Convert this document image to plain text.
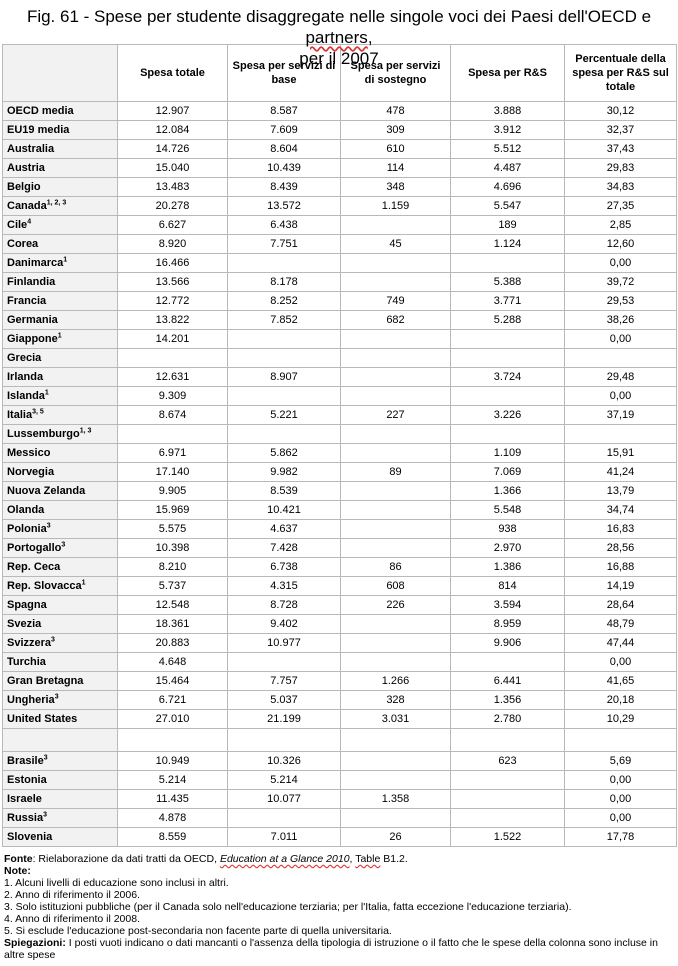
Fig. 61 - Spese per studente disaggregate nelle singole voci dei Paesi dell'OECD e partners,
per il 2007
	Spesa totale	Spesa per servizi di base	Spesa per servizi di sostegno	Spesa per R&S	Percentuale della spesa per R&S sul totale
OECD media	12.907	8.587	478	3.888	30,12
EU19 media	12.084	7.609	309	3.912	32,37
Australia	14.726	8.604	610	5.512	37,43
Austria	15.040	10.439	114	4.487	29,83
Belgio	13.483	8.439	348	4.696	34,83
Canada$^{1, 2, 3}$	20.278	13.572	1.159	5.547	27,35
Cile$^4$	6.627	6.438		189	2,85
Corea	8.920	7.751	45	1.124	12,60
Danimarca$^1$	16.466				0,00
Finlandia	13.566	8.178		5.388	39,72
Francia	12.772	8.252	749	3.771	29,53
Germania	13.822	7.852	682	5.288	38,26
Giappone$^1$	14.201				0,00
Grecia					
Irlanda	12.631	8.907		3.724	29,48
Islanda$^1$	9.309				0,00
Italia$^{3, 5}$	8.674	5.221	227	3.226	37,19
Lussemburgo$^{1, 3}$					
Messico	6.971	5.862		1.109	15,91
Norvegia	17.140	9.982	89	7.069	41,24
Nuova Zelanda	9.905	8.539		1.366	13,79
Olanda	15.969	10.421		5.548	34,74
Polonia$^3$	5.575	4.637		938	16,83
Portogallo$^3$	10.398	7.428		2.970	28,56
Rep. Ceca	8.210	6.738	86	1.386	16,88
Rep. Slovacca$^1$	5.737	4.315	608	814	14,19
Spagna	12.548	8.728	226	3.594	28,64
Svezia	18.361	9.402		8.959	48,79
Svizzera$^3$	20.883	10.977		9.906	47,44
Turchia	4.648				0,00
Gran Bretagna	15.464	7.757	1.266	6.441	41,65
Ungheria$^3$	6.721	5.037	328	1.356	20,18
United States	27.010	21.199	3.031	2.780	10,29

Brasile$^3$	10.949	10.326		623	5,69
Estonia	5.214	5.214			0,00
Israele	11.435	10.077	1.358		0,00
Russia$^3$	4.878				0,00
Slovenia	8.559	7.011	26	1.522	17,78
Fonte: Rielaborazione da dati tratti da OECD, Education at a Glance 2010, Table B1.2.
Note:
1. Alcuni livelli di educazione sono inclusi in altri.
2. Anno di riferimento il 2006.
3. Solo istituzioni pubbliche (per il Canada solo nell'educazione terziaria; per l'Italia, fatta eccezione l'educazione terziaria).
4. Anno di riferimento il 2008.
5. Si esclude l'educazione post-secondaria non facente parte di quella universitaria.
Spiegazioni: I posti vuoti indicano o dati mancanti o l'assenza della tipologia di istruzione o il fatto che le spese della colonna sono incluse in altre spese
